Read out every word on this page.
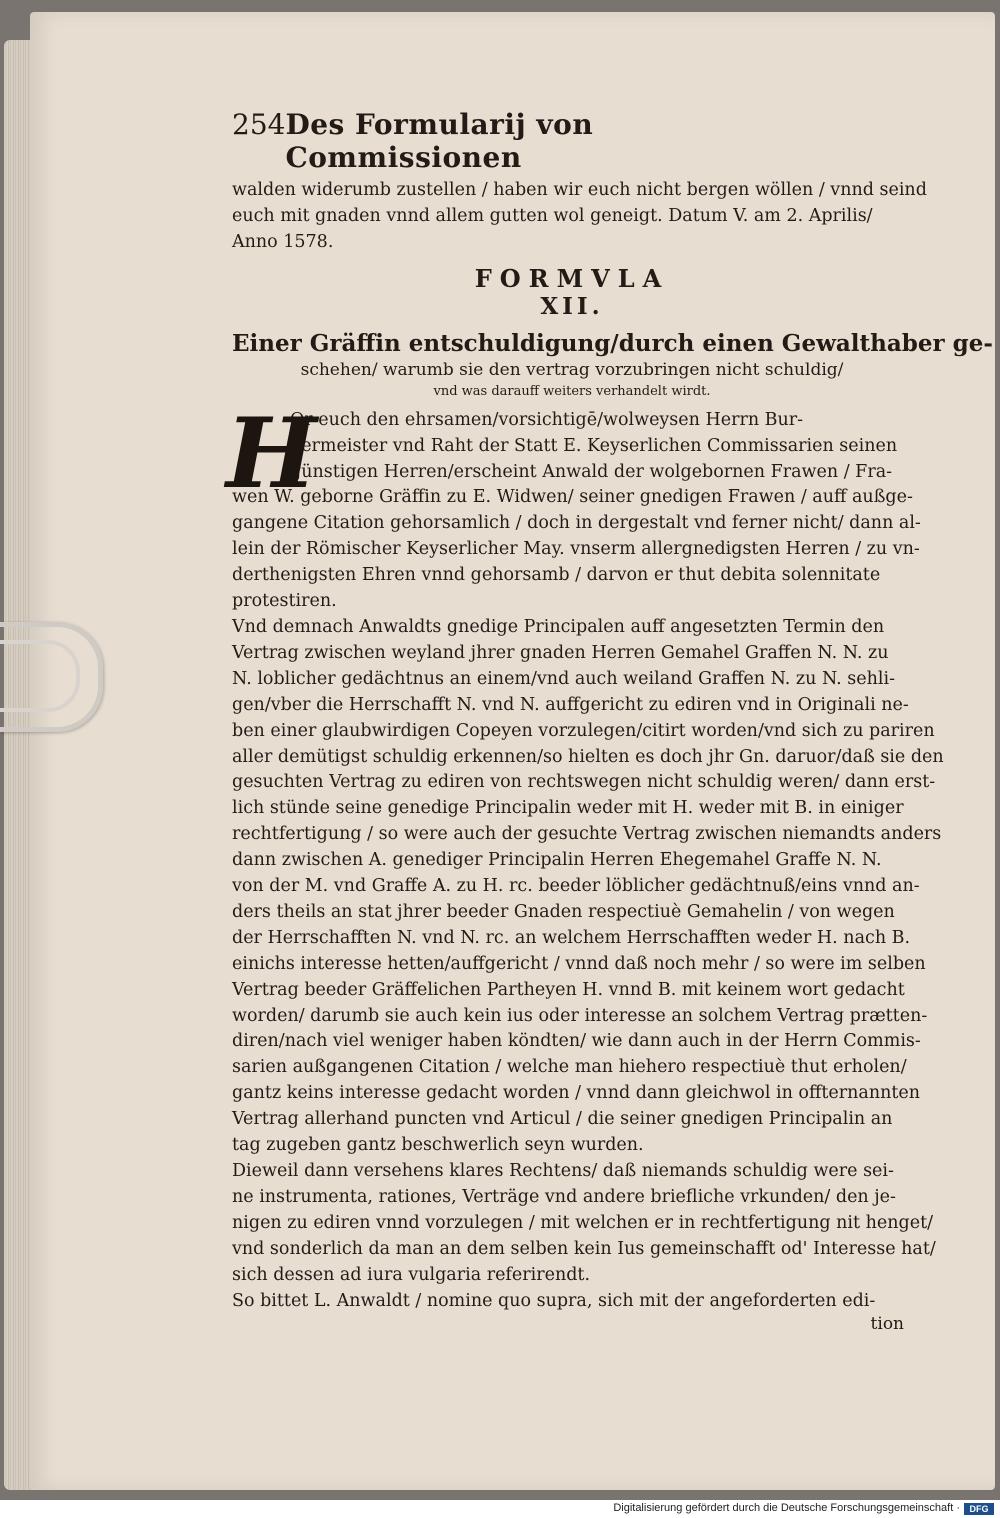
254 Des Formularij von Commissionen
walden widerumb zustellen / haben wir euch nicht bergen wöllen / vnnd seind
euch mit gnaden vnnd allem gutten wol geneigt. Datum V. am 2. Aprilis/
Anno 1578.
FORMVLA
XII.
Einer Gräffin entschuldigung/durch einen Gewalthaber ge-
schehen/ warumb sie den vertrag vorzubringen nicht schuldig/
vnd was darauff weiters verhandelt wirdt.
H
Or euch den ehrsamen/vorsichtigē/wolweysen Herrn Bur-
germeister vnd Raht der Statt E. Keyserlichen Commissarien seinen
günstigen Herren/erscheint Anwald der wolgebornen Frawen / Fra-
wen W. geborne Gräffin zu E. Widwen/ seiner gnedigen Frawen / auff außge-
gangene Citation gehorsamlich / doch in dergestalt vnd ferner nicht/ dann al-
lein der Römischer Keyserlicher May. vnserm allergnedigsten Herren / zu vn-
derthenigsten Ehren vnnd gehorsamb / darvon er thut debita solennitate
protestiren.
Vnd demnach Anwaldts gnedige Principalen auff angesetzten Termin den
Vertrag zwischen weyland jhrer gnaden Herren Gemahel Graffen N. N. zu
N. loblicher gedächtnus an einem/vnd auch weiland Graffen N. zu N. sehli-
gen/vber die Herrschafft N. vnd N. auffgericht zu ediren vnd in Originali ne-
ben einer glaubwirdigen Copeyen vorzulegen/citirt worden/vnd sich zu pariren
aller demütigst schuldig erkennen/so hielten es doch jhr Gn. daruor/daß sie den
gesuchten Vertrag zu ediren von rechtswegen nicht schuldig weren/ dann erst-
lich stünde seine genedige Principalin weder mit H. weder mit B. in einiger
rechtfertigung / so were auch der gesuchte Vertrag zwischen niemandts anders
dann zwischen A. genediger Principalin Herren Ehegemahel Graffe N. N.
von der M. vnd Graffe A. zu H. rc. beeder löblicher gedächtnuß/eins vnnd an-
ders theils an stat jhrer beeder Gnaden respectiuè Gemahelin / von wegen
der Herrschafften N. vnd N. rc. an welchem Herrschafften weder H. nach B.
einichs interesse hetten/auffgericht / vnnd daß noch mehr / so were im selben
Vertrag beeder Gräffelichen Partheyen H. vnnd B. mit keinem wort gedacht
worden/ darumb sie auch kein ius oder interesse an solchem Vertrag prætten-
diren/nach viel weniger haben köndten/ wie dann auch in der Herrn Commis-
sarien außgangenen Citation / welche man hiehero respectiuè thut erholen/
gantz keins interesse gedacht worden / vnnd dann gleichwol in offternannten
Vertrag allerhand puncten vnd Articul / die seiner gnedigen Principalin an
tag zugeben gantz beschwerlich seyn wurden.
Dieweil dann versehens klares Rechtens/ daß niemands schuldig were sei-
ne instrumenta, rationes, Verträge vnd andere briefliche vrkunden/ den je-
nigen zu ediren vnnd vorzulegen / mit welchen er in rechtfertigung nit henget/
vnd sonderlich da man an dem selben kein Ius gemeinschafft od' Interesse hat/
sich dessen ad iura vulgaria referirendt.
So bittet L. Anwaldt / nomine quo supra, sich mit der angeforderten edi-
tion
Digitalisierung gefördert durch die Deutsche Forschungsgemeinschaft ·	DFG
